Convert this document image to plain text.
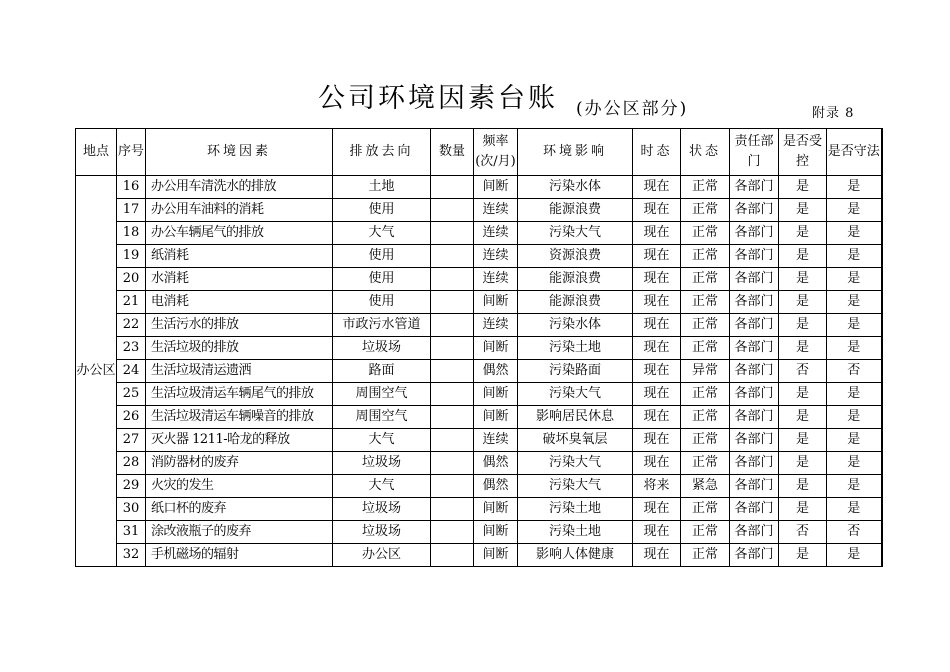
公司环境因素台账 (办公区部分)	附录 8
地点	序号	环境因素	排放去向	数量	频率(次/月)	环境影响	时态	状态	责任部门	是否受控	是否守法
办公区	16	办公用车清洗水的排放	土地		间断	污染水体	现在	正常	各部门	是	是
	17	办公用车油料的消耗	使用		连续	能源浪费	现在	正常	各部门	是	是
	18	办公车辆尾气的排放	大气		连续	污染大气	现在	正常	各部门	是	是
	19	纸消耗	使用		连续	资源浪费	现在	正常	各部门	是	是
	20	水消耗	使用		连续	能源浪费	现在	正常	各部门	是	是
	21	电消耗	使用		间断	能源浪费	现在	正常	各部门	是	是
	22	生活污水的排放	市政污水管道		连续	污染水体	现在	正常	各部门	是	是
	23	生活垃圾的排放	垃圾场		间断	污染土地	现在	正常	各部门	是	是
	24	生活垃圾清运遗洒	路面		偶然	污染路面	现在	异常	各部门	否	否
	25	生活垃圾清运车辆尾气的排放	周围空气		间断	污染大气	现在	正常	各部门	是	是
	26	生活垃圾清运车辆噪音的排放	周围空气		间断	影响居民休息	现在	正常	各部门	是	是
	27	灭火器 1211-哈龙的释放	大气		连续	破坏臭氧层	现在	正常	各部门	是	是
	28	消防器材的废弃	垃圾场		偶然	污染大气	现在	正常	各部门	是	是
	29	火灾的发生	大气		偶然	污染大气	将来	紧急	各部门	是	是
	30	纸口杯的废弃	垃圾场		间断	污染土地	现在	正常	各部门	是	是
	31	涂改液瓶子的废弃	垃圾场		间断	污染土地	现在	正常	各部门	否	否
	32	手机磁场的辐射	办公区		间断	影响人体健康	现在	正常	各部门	是	是
